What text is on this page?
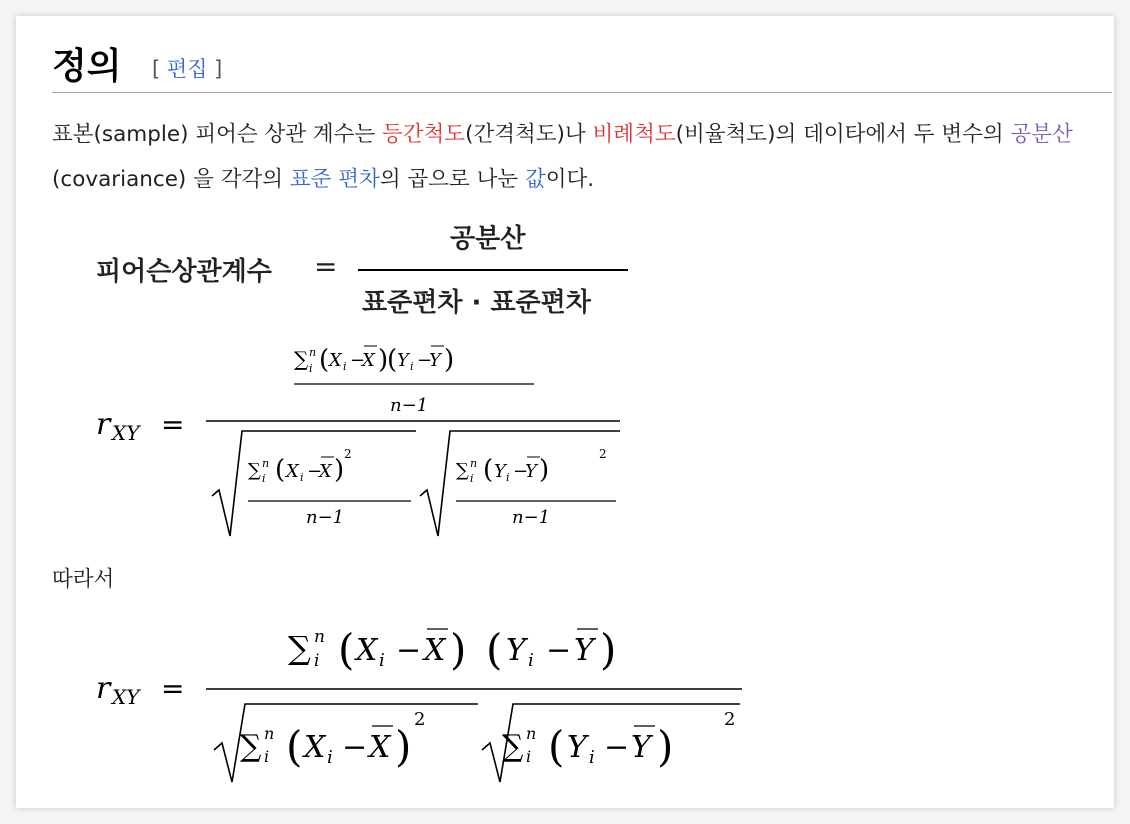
정의 [ 편집 ]
표본(sample) 피어슨 상관 계수는 등간척도(간격척도)나 비례척도(비율척도)의 데이타에서 두 변수의 공분산(covariance) 을 각각의 표준 편차의 곱으로 나눈 값이다.
피어슨상관계수 =
공분산
표준편차 · 표준편차
r XY =
∑ n
i ( X i −
X )
( Y i −
Y )
n−1
∑ n
i ( X i −
X )
2
n−1
∑ n
i ( Y i −
Y )
2
n−1
따라서
r XY =
∑ n
i ( X i − X ) ( Y i − Y )
∑ n
i ( X i − X )
2
∑ n
i ( Y i − Y )
2
